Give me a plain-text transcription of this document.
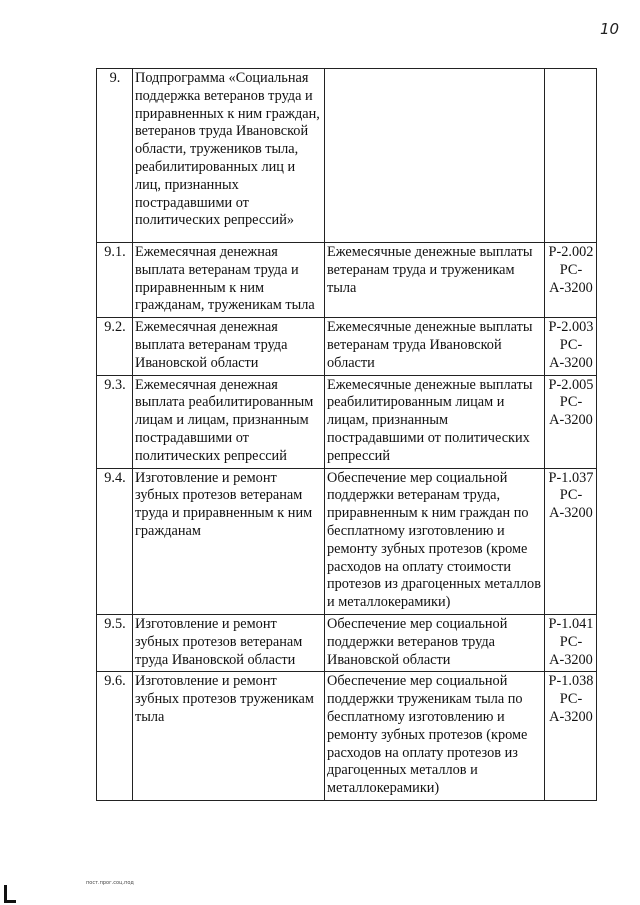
10
9.	Подпрограмма «Социальная поддержка ветеранов труда и приравненных к ним граждан, ветеранов труда Ивановской области, тружеников тыла, реабилитированных лиц и лиц, признанных пострадавшими от политических репрессий»		
9.1.	Ежемесячная денежная выплата ветеранам труда и приравненным к ним гражданам, труженикам тыла	Ежемесячные денежные выплаты ветеранам труда и труженикам тыла	Р-2.002 РС-А-3200
9.2.	Ежемесячная денежная выплата ветеранам труда Ивановской области	Ежемесячные денежные выплаты ветеранам труда Ивановской области	Р-2.003 РС-А-3200
9.3.	Ежемесячная денежная выплата реабилитированным лицам и лицам, признанным пострадавшими от политических репрессий	Ежемесячные денежные выплаты реабилитированным лицам и лицам, признанным пострадавшими от политических репрессий	Р-2.005 РС-А-3200
9.4.	Изготовление и ремонт зубных протезов ветеранам труда и приравненным к ним гражданам	Обеспечение мер социальной поддержки ветеранам труда, приравненным к ним граждан по бесплатному изготовлению и ремонту зубных протезов (кроме расходов на оплату стоимости протезов из драгоценных металлов и металлокерамики)	Р-1.037 РС-А-3200
9.5.	Изготовление и ремонт зубных протезов ветеранам труда Ивановской области	Обеспечение мер социальной поддержки ветеранов труда Ивановской области	Р-1.041 РС-А-3200
9.6.	Изготовление и ремонт зубных протезов труженикам тыла	Обеспечение мер социальной поддержки труженикам тыла по бесплатному изготовлению и ремонту зубных протезов (кроме расходов на оплату протезов из драгоценных металлов и металлокерамики)	Р-1.038 РС-А-3200
пост.прог.соц.под
